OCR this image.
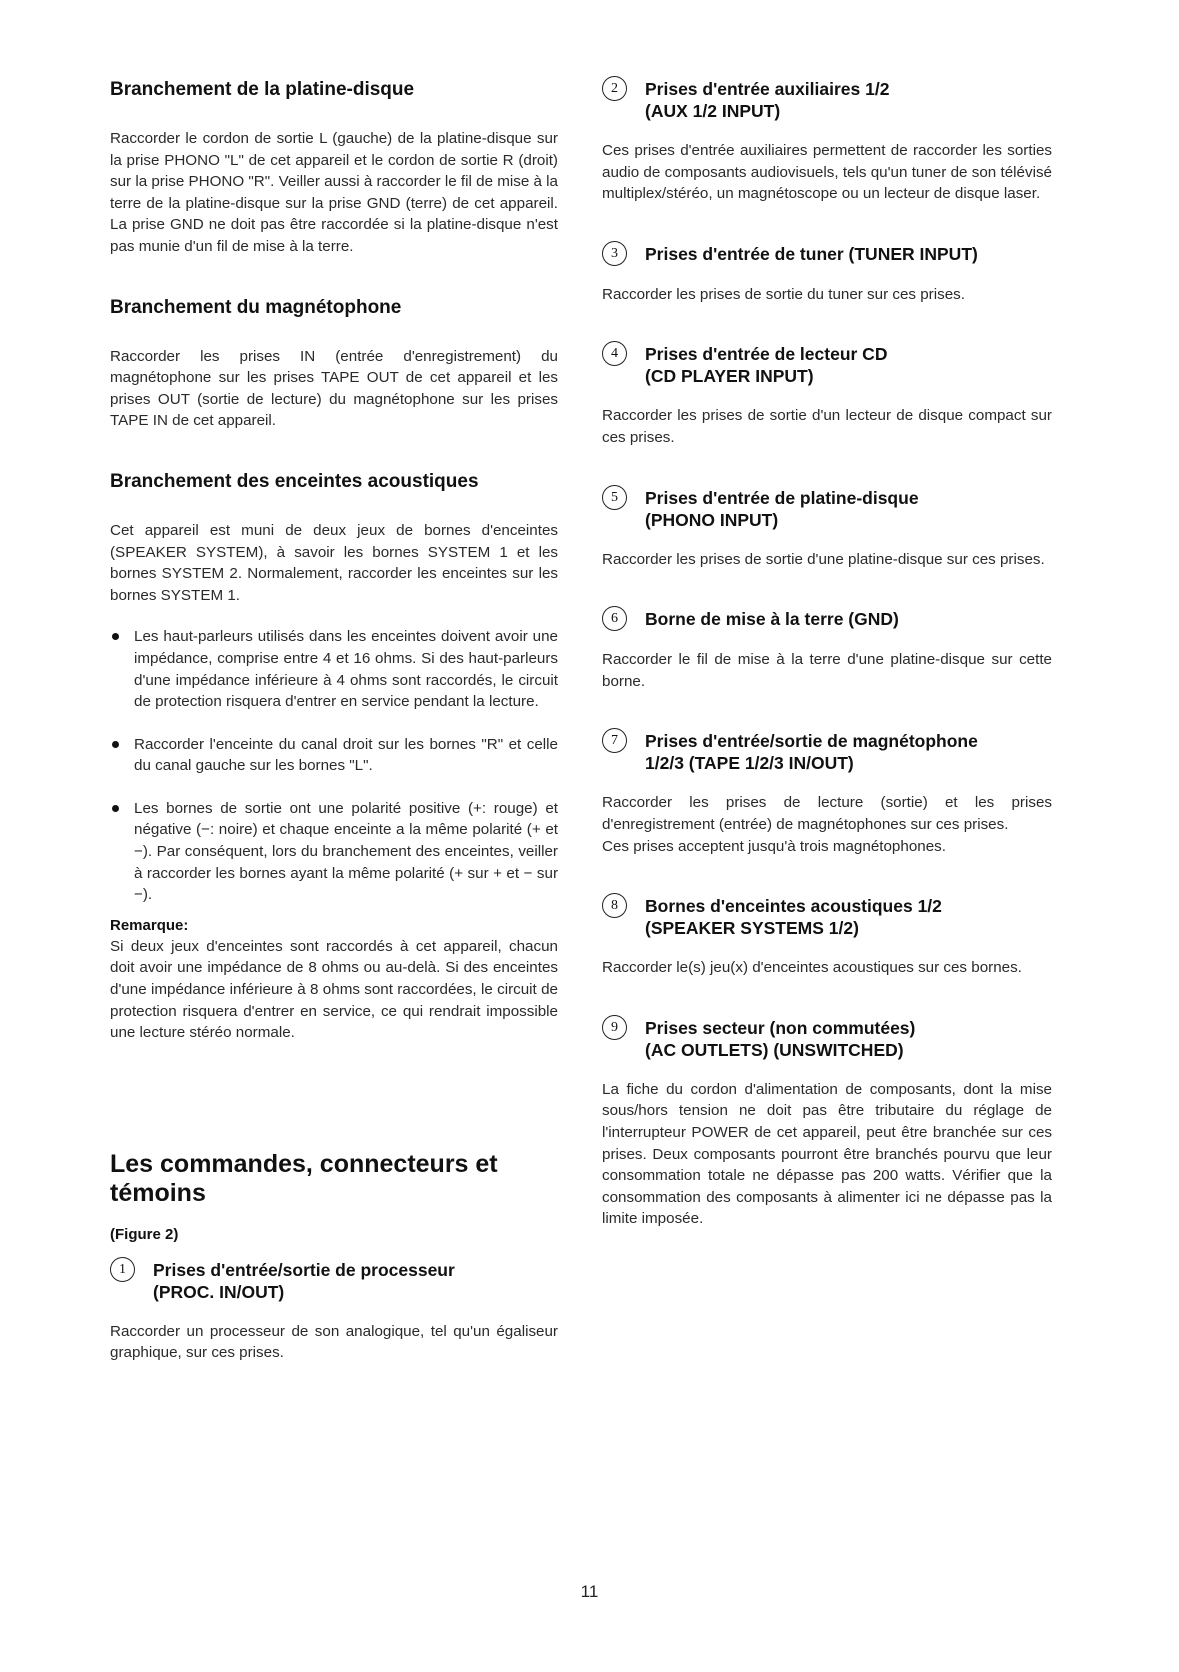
Branchement de la platine-disque

Raccorder le cordon de sortie L (gauche) de la platine-disque sur la prise PHONO "L" de cet appareil et le cordon de sortie R (droit) sur la prise PHONO "R". Veiller aussi à raccorder le fil de mise à la terre de la platine-disque sur la prise GND (terre) de cet appareil. La prise GND ne doit pas être raccordée si la platine-disque n'est pas munie d'un fil de mise à la terre.

Branchement du magnétophone

Raccorder les prises IN (entrée d'enregistrement) du magnétophone sur les prises TAPE OUT de cet appareil et les prises OUT (sortie de lecture) du magnétophone sur les prises TAPE IN de cet appareil.

Branchement des enceintes acoustiques

Cet appareil est muni de deux jeux de bornes d'enceintes (SPEAKER SYSTEM), à savoir les bornes SYSTEM 1 et les bornes SYSTEM 2. Normalement, raccorder les enceintes sur les bornes SYSTEM 1.

Les haut-parleurs utilisés dans les enceintes doivent avoir une impédance, comprise entre 4 et 16 ohms. Si des haut-parleurs d'une impédance inférieure à 4 ohms sont raccordés, le circuit de protection risquera d'entrer en service pendant la lecture.
Raccorder l'enceinte du canal droit sur les bornes "R" et celle du canal gauche sur les bornes "L".
Les bornes de sortie ont une polarité positive (+: rouge) et négative (−: noire) et chaque enceinte a la même polarité (+ et −). Par conséquent, lors du branchement des enceintes, veiller à raccorder les bornes ayant la même polarité (+ sur + et − sur −).
Remarque:

Si deux jeux d'enceintes sont raccordés à cet appareil, chacun doit avoir une impédance de 8 ohms ou au-delà. Si des enceintes d'une impédance inférieure à 8 ohms sont raccordées, le circuit de protection risquera d'entrer en service, ce qui rendrait impossible une lecture stéréo normale.

Les commandes, connecteurs et témoins
(Figure 2)
1	Prises d'entrée/sortie de processeur
(PROC. IN/OUT)

Raccorder un processeur de son analogique, tel qu'un égaliseur graphique, sur ces prises.

2	Prises d'entrée auxiliaires 1/2
(AUX 1/2 INPUT)

Ces prises d'entrée auxiliaires permettent de raccorder les sorties audio de composants audiovisuels, tels qu'un tuner de son télévisé multiplex/stéréo, un magnétoscope ou un lecteur de disque laser.

3	Prises d'entrée de tuner (TUNER INPUT)

Raccorder les prises de sortie du tuner sur ces prises.

4	Prises d'entrée de lecteur CD
(CD PLAYER INPUT)

Raccorder les prises de sortie d'un lecteur de disque compact sur ces prises.

5	Prises d'entrée de platine-disque
(PHONO INPUT)

Raccorder les prises de sortie d'une platine-disque sur ces prises.

6	Borne de mise à la terre (GND)

Raccorder le fil de mise à la terre d'une platine-disque sur cette borne.

7	Prises d'entrée/sortie de magnétophone
1/2/3 (TAPE 1/2/3 IN/OUT)

Raccorder les prises de lecture (sortie) et les prises d'enregistrement (entrée) de magnétophones sur ces prises.

Ces prises acceptent jusqu'à trois magnétophones.

8	Bornes d'enceintes acoustiques 1/2
(SPEAKER SYSTEMS 1/2)

Raccorder le(s) jeu(x) d'enceintes acoustiques sur ces bornes.

9	Prises secteur (non commutées)
(AC OUTLETS) (UNSWITCHED)

La fiche du cordon d'alimentation de composants, dont la mise sous/hors tension ne doit pas être tributaire du réglage de l'interrupteur POWER de cet appareil, peut être branchée sur ces prises. Deux composants pourront être branchés pourvu que leur consommation totale ne dépasse pas 200 watts. Vérifier que la consommation des composants à alimenter ici ne dépasse pas la limite imposée.

11
